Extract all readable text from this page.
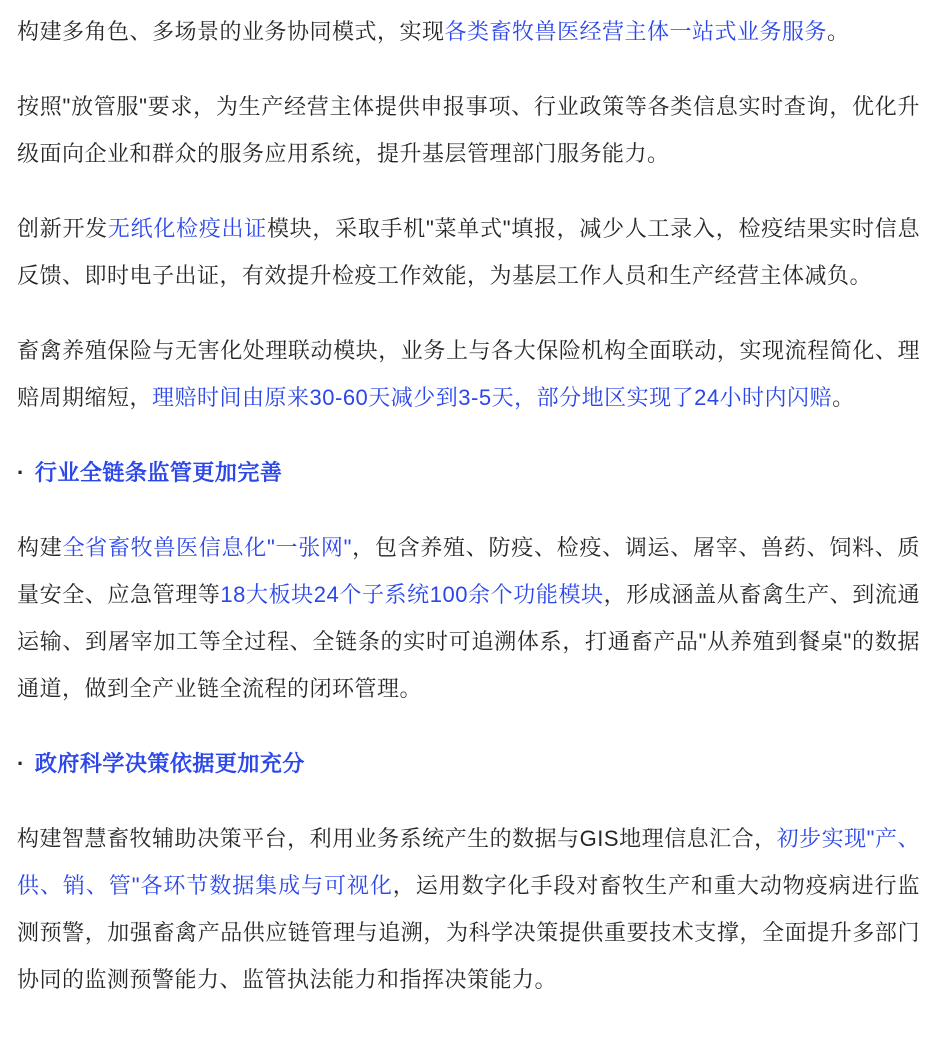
构建多角色、多场景的业务协同模式，实现各类畜牧兽医经营主体一站式业务服务。

按照"放管服"要求，为生产经营主体提供申报事项、行业政策等各类信息实时查询，优化升级面向企业和群众的服务应用系统，提升基层管理部门服务能力。

创新开发无纸化检疫出证模块，采取手机"菜单式"填报，减少人工录入，检疫结果实时信息反馈、即时电子出证，有效提升检疫工作效能，为基层工作人员和生产经营主体减负。

畜禽养殖保险与无害化处理联动模块，业务上与各大保险机构全面联动，实现流程简化、理赔周期缩短，理赔时间由原来30-60天减少到3-5天，部分地区实现了24小时内闪赔。

· 行业全链条监管更加完善

构建全省畜牧兽医信息化"一张网"，包含养殖、防疫、检疫、调运、屠宰、兽药、饲料、质量安全、应急管理等18大板块24个子系统100余个功能模块，形成涵盖从畜禽生产、到流通运输、到屠宰加工等全过程、全链条的实时可追溯体系，打通畜产品"从养殖到餐桌"的数据通道，做到全产业链全流程的闭环管理。

· 政府科学决策依据更加充分

构建智慧畜牧辅助决策平台，利用业务系统产生的数据与GIS地理信息汇合，初步实现"产、供、销、管"各环节数据集成与可视化，运用数字化手段对畜牧生产和重大动物疫病进行监测预警，加强畜禽产品供应链管理与追溯，为科学决策提供重要技术支撑，全面提升多部门协同的监测预警能力、监管执法能力和指挥决策能力。
